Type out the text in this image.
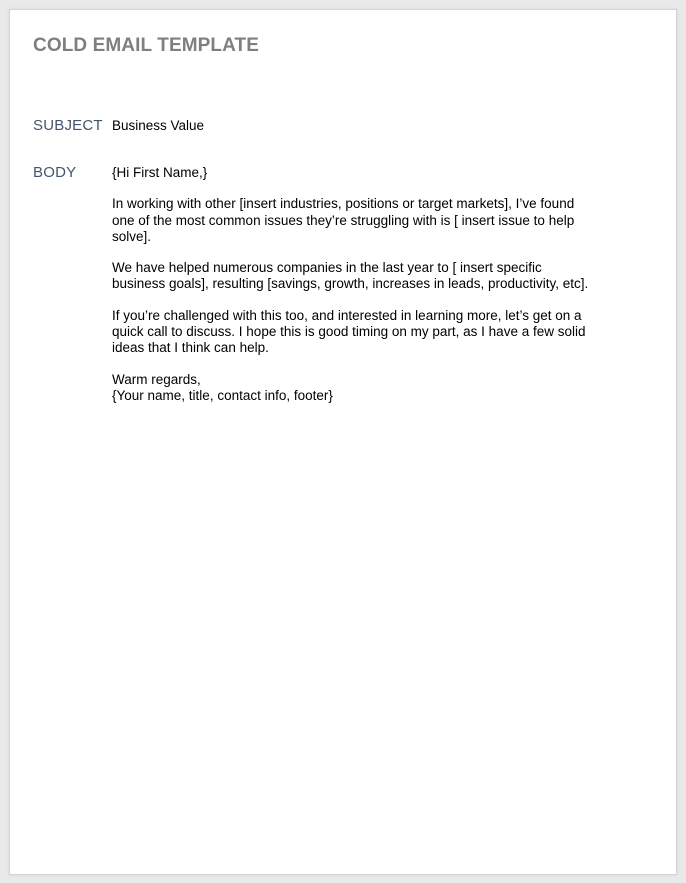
COLD EMAIL TEMPLATE
SUBJECT Business Value
BODY	{Hi First Name,}

In working with other [insert industries, positions or target markets], I’ve found one of the most common issues they’re struggling with is [ insert issue to help solve].

We have helped numerous companies in the last year to [ insert specific business goals], resulting [savings, growth, increases in leads, productivity, etc].

If you’re challenged with this too, and interested in learning more, let’s get on a quick call to discuss. I hope this is good timing on my part, as I have a few solid ideas that I think can help.

Warm regards,
{Your name, title, contact info, footer}
